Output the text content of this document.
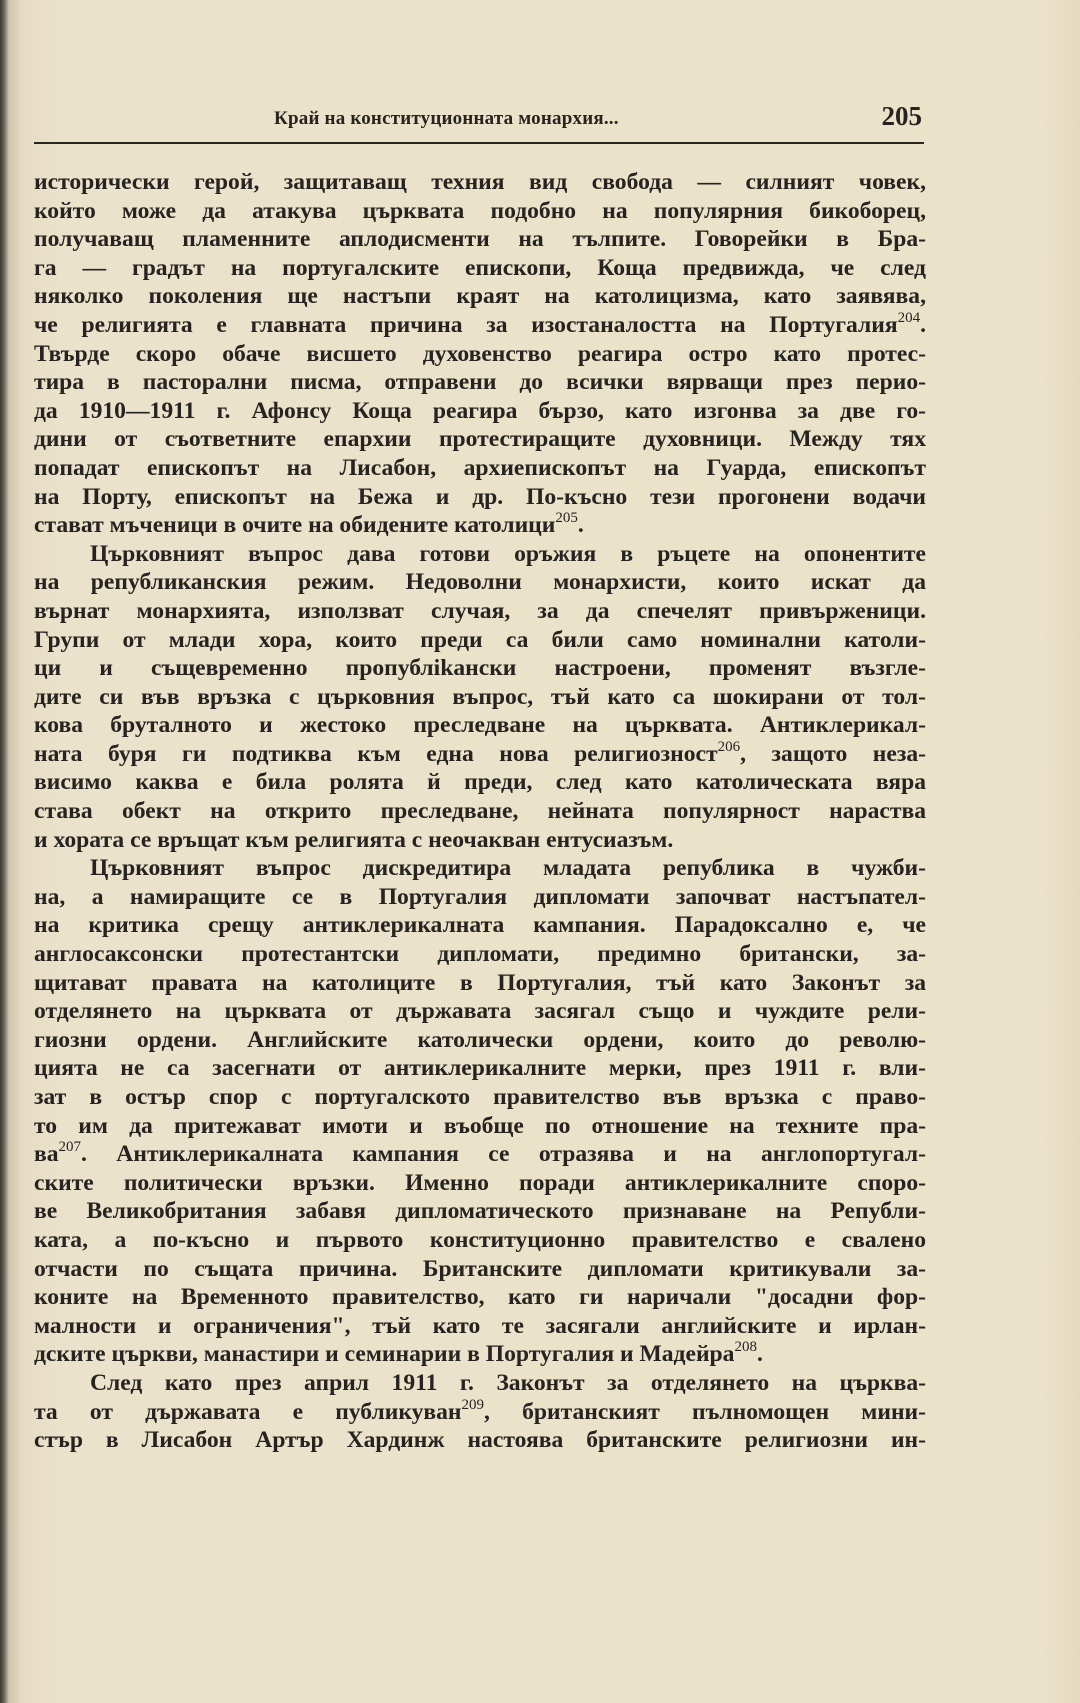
Край на конституционната монархия...	205
исторически герой, защитаващ техния вид свобода — силният човек,
който може да атакува църквата подобно на популярния бикоборец,
получаващ пламенните аплодисменти на тълпите. Говорейки в Бра-
га — градът на португалските епископи, Коща предвижда, че след
няколко поколения ще настъпи краят на католицизма, като заявява,
че религията е главната причина за изостаналостта на Португалия$^{204}$.
Твърде скоро обаче висшето духовенство реагира остро като протес-
тира в пасторални писма, отправени до всички вярващи през перио-
да 1910—1911 г. Афонсу Коща реагира бързо, като изгонва за две го-
дини от съответните епархии протестиращите духовници. Между тях
попадат епископът на Лисабон, архиепископът на Гуарда, епископът
на Порту, епископът на Бежа и др. По-късно тези прогонени водачи
стават мъченици в очите на обидените католици$^{205}$.
Църковният въпрос дава готови оръжия в ръцете на опонентите
на републиканския режим. Недоволни монархисти, които искат да
върнат монархията, използват случая, за да спечелят привърженици.
Групи от млади хора, които преди са били само номинални католи-
ци и същевременно пропублikански настроени, променят възгле-
дите си във връзка с църковния въпрос, тъй като са шокирани от тол-
кова бруталното и жестоко преследване на църквата. Антиклерикал-
ната буря ги подтиква към една нова религиозност$^{206}$, защото неза-
висимо каква е била ролята й преди, след като католическата вяра
става обект на открито преследване, нейната популярност нараства
и хората се връщат към религията с неочакван ентусиазъм.
Църковният въпрос дискредитира младата република в чужби-
на, а намиращите се в Португалия дипломати започват настъпател-
на критика срещу антиклерикалната кампания. Парадоксално е, че
англосаксонски протестантски дипломати, предимно британски, за-
щитават правата на католиците в Португалия, тъй като Законът за
отделянето на църквата от държавата засягал също и чуждите рели-
гиозни ордени. Английските католически ордени, които до револю-
цията не са засегнати от антиклерикалните мерки, през 1911 г. вли-
зат в остър спор с португалското правителство във връзка с право-
то им да притежават имоти и въобще по отношение на техните пра-
ва$^{207}$. Антиклерикалната кампания се отразява и на англопортугал-
ските политически връзки. Именно поради антиклерикалните споро-
ве Великобритания забавя дипломатическото признаване на Републи-
ката, а по-късно и първото конституционно правителство е свалено
отчасти по същата причина. Британските дипломати критикували за-
коните на Временното правителство, като ги наричали "досадни фор-
малности и ограничения", тъй като те засягали английските и ирлан-
дските църкви, манастири и семинарии в Португалия и Мадейра$^{208}$.
След като през април 1911 г. Законът за отделянето на църква-
та от държавата е публикуван$^{209}$, британският пълномощен мини-
стър в Лисабон Артър Хардинж настоява британските религиозни ин-
